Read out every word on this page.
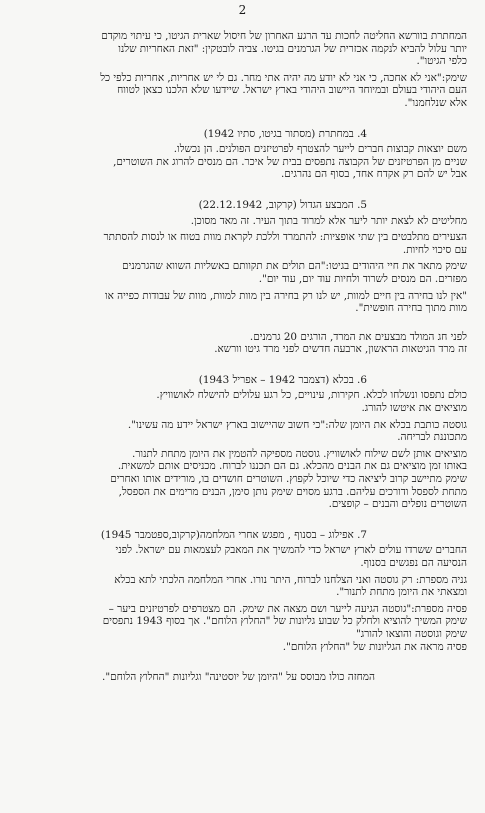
2
המחתרת בוורשא החליטה לחכות עד הרגע האחרון של חיסול שארית הגיטו, כי עיתוי מוקדם
יותר עלול להביא לנקמה אכזרית של הגרמנים בגיטו. צביה לובטקין: "זאת האחריות שלנו
כלפי הגיטו".
שימק:"אני לא אחכה, כי אני לא יודע מה יהיה אתי מחר. גם לי יש אחריות, אחריות כלפי כל
העם היהודי בעולם ובמיוחד היישוב היהודי בארץ ישראל. שיידעו שלא הלכנו כצאן לטווח
אלא שנלחמנו".
4. במחתרת (מסתור בגיטו, סתיו 1942)
משם יוצאות קבוצות חברים לייער להצטרף לפרטיזנים הפולנים. הן נכשלו.
שניים מן הפרטיזנים של הקבוצה נתפסים בבית של איכר. הם מנסים להרוג את השוטרים,
אבל יש להם רק אקדח אחד, בסוף הם נהרגים.
5. המבצע הגדול (קרקוב, 22.12.1942)
מחליטים לא לצאת יותר ליער אלא למרוד בתוך העיר. זה מאד מסוכן.
הצעירים מתלבטים בין שתי אופציות: להתמרד וללכת לקראת מוות בטוח או לנסות להסתתר
עם סיכוי לחיות.
שימק מתאר את חיי היהודים בגיטו:"הם תולים את תקוותם באשליות השווא שהגרמנים
מפזרים. הם מנסים לשרוד ולחיות עוד יום, עוד יום".
"אין לנו בחירה בין חיים למוות, יש לנו רק בחירה בין מוות למוות, מוות של עבודות כפייה או
מוות מתוך בחירה חופשית".
לפני חג המולד מבצעים את המרד, הורגים 20 גרמנים.
זה מרד הגיטאות הראשון, ארבעה חדשים לפני מרד גיטו וורשא.
6. בכלא (דצמבר 1942 – אפריל 1943)
כולם נתפסו ונשלחו לכלא. חקירות, עינויים, כל רגע עלולים להישלח לאושוויץ.
מוציאים את איטשו להורג.
גוסטה כותבת בכלא את היומן שלה:"כי חשוב שהיישוב בארץ ישראל יידע מה עשינו".
מתכוננת לבריחה.
מוציאים אותן לשם שילוח לאושוויץ. גוסטה מספיקה להטמין את היומן מתחת לתנור.
באותו זמן מוציאים גם את הבנים מהכלא. גם הם תכננו לברוח. מכניסים אותם למשאית.
שימק מתיישב קרוב ליציאה כדי שיוכל לקפוץ. השוטרים חושדים בו, מורידים אותו ואחרים
מתחת לספסל ודורכים עליהם. ברגע מסוים שימק נותן סימן, הבנים מרימים את הספסל,
השוטרים נופלים והבנים – קופצים.
7. אפילוג – בסנוף , מפגש אחרי המלחמה(קרקוב,ספטמבר 1945)
החברים ששרדו עולים לארץ ישראל כדי להמשיך את המאבק לעצמאות עם ישראל. לפני
הנסיעה הם נפגשים בסנוף.
גניה מספרת: רק גוסטה ואני הצלחנו לברוח, היתר נורו. אחרי המלחמה הלכתי לתא בכלא
ומצאתי את היומן מתחת לתנור".
פסיה מספרת:"גוסטה הגיעה לייער ושם מצאה את שימק. הם מצטרפים לפרטיזנים ביער –
שימק המשיך להוציא ולחלק כל שבוע גליונות של "החלוץ הלוחם". אך בסוף 1943 נתפסים
שימק וגוסטה והוצאו להורג"
פסיה מראה את הגליונות של "החלוץ הלוחם".
המחזה כולו מבוסס על "היומן של יוסטינה" וגליונות "החלוץ הלוחם".
